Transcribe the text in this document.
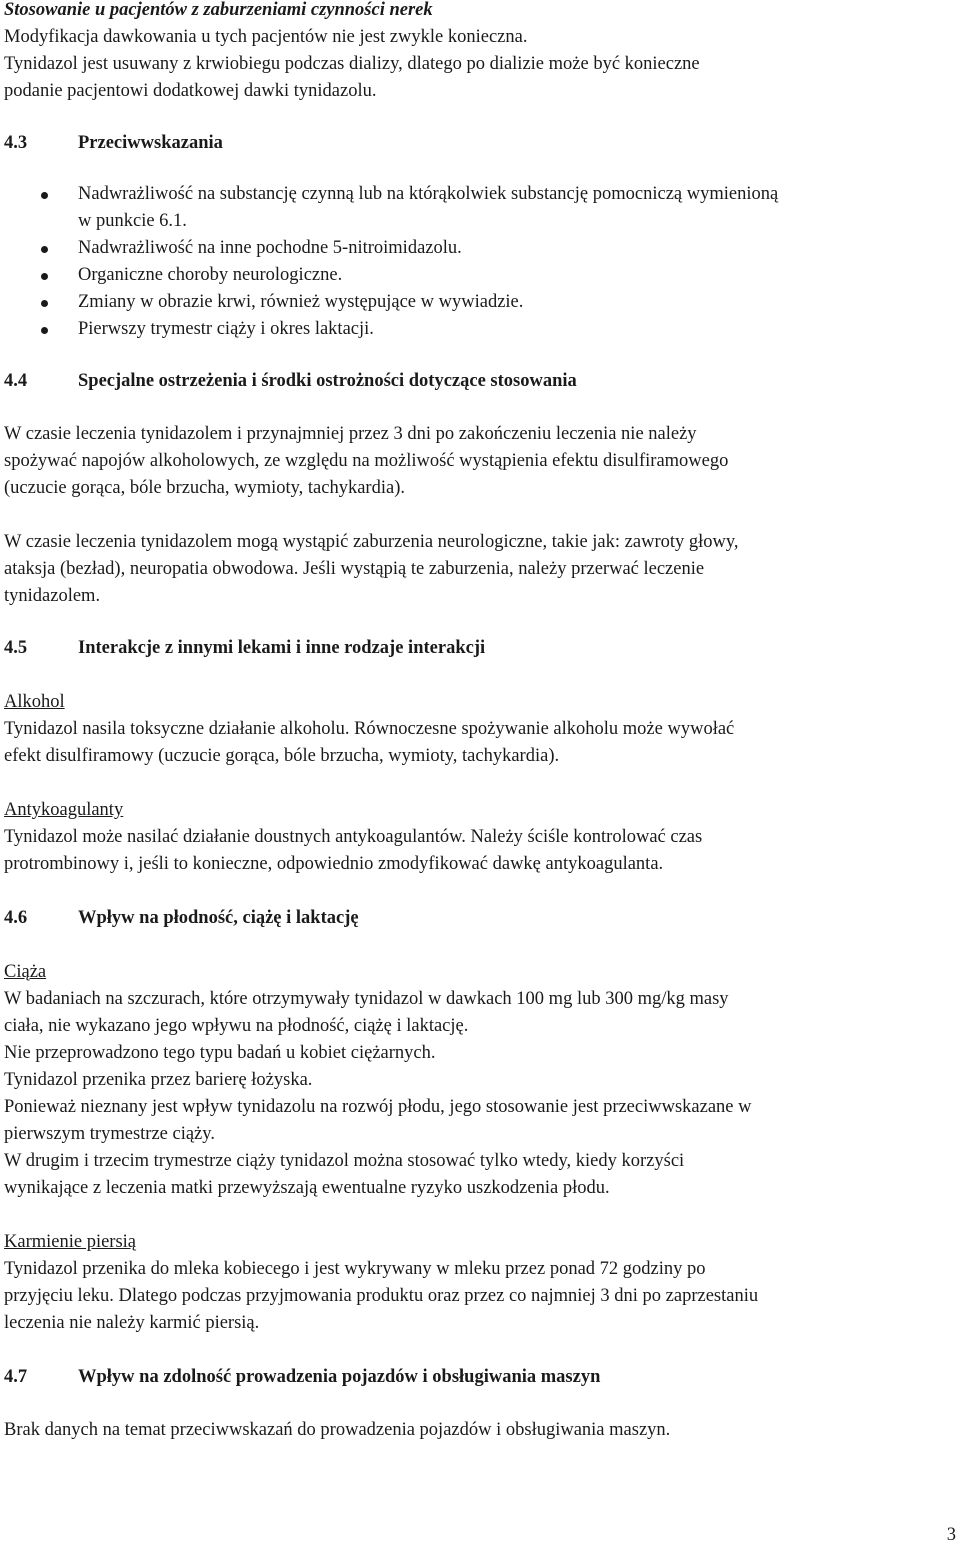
Stosowanie u pacjentów z zaburzeniami czynności nerek

Modyfikacja dawkowania u tych pacjentów nie jest zwykle konieczna.

Tynidazol jest usuwany z krwiobiegu podczas dializy, dlatego po dializie może być konieczne

podanie pacjentowi dodatkowej dawki tynidazolu.

4.3	Przeciwwskazania
Nadwrażliwość na substancję czynną lub na którąkolwiek substancję pomocniczą wymienioną
w punkcie 6.1.
Nadwrażliwość na inne pochodne 5-nitroimidazolu.
Organiczne choroby neurologiczne.
Zmiany w obrazie krwi, również występujące w wywiadzie.
Pierwszy trymestr ciąży i okres laktacji.
4.4	Specjalne ostrzeżenia i środki ostrożności dotyczące stosowania

W czasie leczenia tynidazolem i przynajmniej przez 3 dni po zakończeniu leczenia nie należy

spożywać napojów alkoholowych, ze względu na możliwość wystąpienia efektu disulfiramowego

(uczucie gorąca, bóle brzucha, wymioty, tachykardia).

W czasie leczenia tynidazolem mogą wystąpić zaburzenia neurologiczne, takie jak: zawroty głowy,

ataksja (bezład), neuropatia obwodowa. Jeśli wystąpią te zaburzenia, należy przerwać leczenie

tynidazolem.

4.5	Interakcje z innymi lekami i inne rodzaje interakcji

Alkohol

Tynidazol nasila toksyczne działanie alkoholu. Równoczesne spożywanie alkoholu może wywołać

efekt disulfiramowy (uczucie gorąca, bóle brzucha, wymioty, tachykardia).

Antykoagulanty

Tynidazol może nasilać działanie doustnych antykoagulantów. Należy ściśle kontrolować czas

protrombinowy i, jeśli to konieczne, odpowiednio zmodyfikować dawkę antykoagulanta.

4.6	Wpływ na płodność, ciążę i laktację

Ciąża

W badaniach na szczurach, które otrzymywały tynidazol w dawkach 100 mg lub 300 mg/kg masy

ciała, nie wykazano jego wpływu na płodność, ciążę i laktację.

Nie przeprowadzono tego typu badań u kobiet ciężarnych.

Tynidazol przenika przez barierę łożyska.

Ponieważ nieznany jest wpływ tynidazolu na rozwój płodu, jego stosowanie jest przeciwwskazane w

pierwszym trymestrze ciąży.

W drugim i trzecim trymestrze ciąży tynidazol można stosować tylko wtedy, kiedy korzyści

wynikające z leczenia matki przewyższają ewentualne ryzyko uszkodzenia płodu.

Karmienie piersią

Tynidazol przenika do mleka kobiecego i jest wykrywany w mleku przez ponad 72 godziny po

przyjęciu leku. Dlatego podczas przyjmowania produktu oraz przez co najmniej 3 dni po zaprzestaniu

leczenia nie należy karmić piersią.

4.7	Wpływ na zdolność prowadzenia pojazdów i obsługiwania maszyn

Brak danych na temat przeciwwskazań do prowadzenia pojazdów i obsługiwania maszyn.

3
